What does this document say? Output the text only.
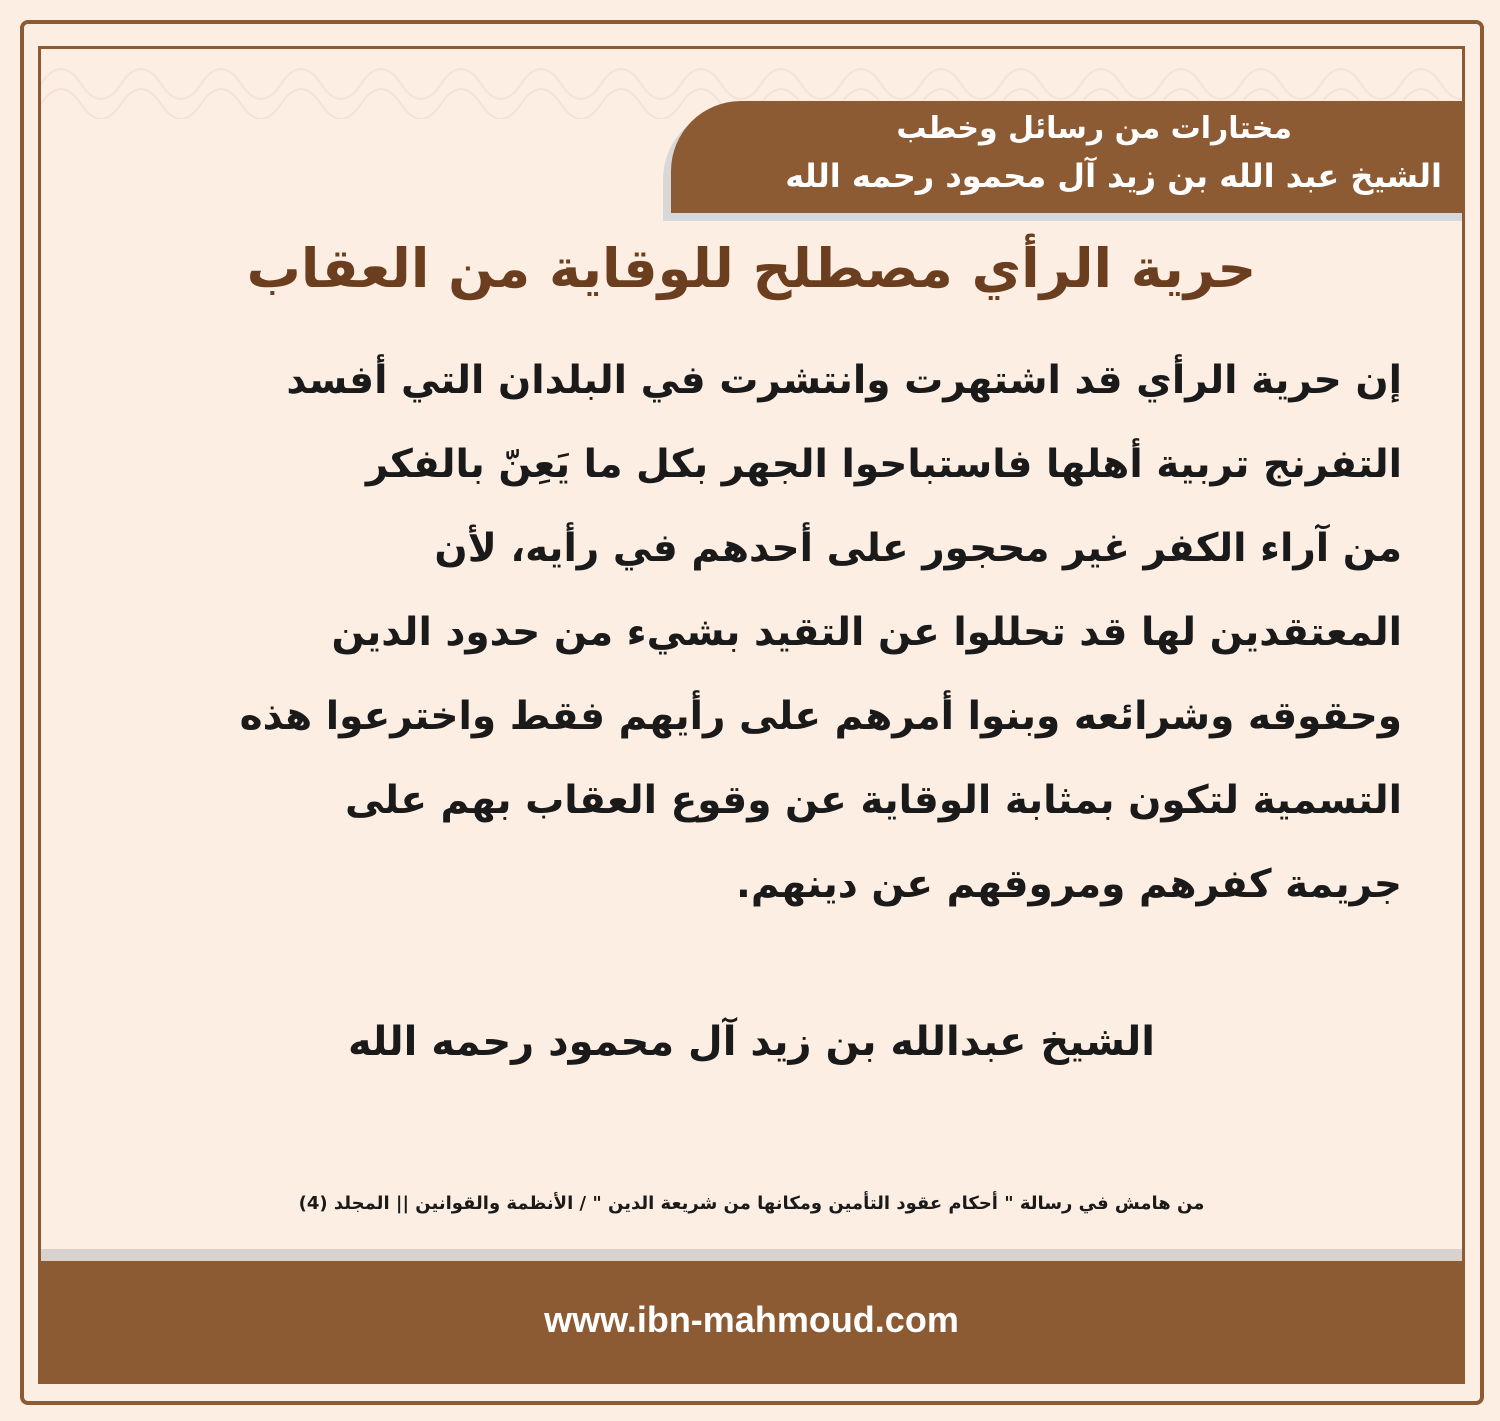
مختارات من رسائل وخطب
الشيخ عبد الله بن زيد آل محمود رحمه الله
حرية الرأي مصطلح للوقاية من العقاب
إن حرية الرأي قد اشتهرت وانتشرت في البلدان التي أفسد
التفرنج تربية أهلها فاستباحوا الجهر بكل ما يَعِنّ بالفكر
من آراء الكفر غير محجور على أحدهم في رأيه، لأن
المعتقدين لها قد تحللوا عن التقيد بشيء من حدود الدين
وحقوقه وشرائعه وبنوا أمرهم على رأيهم فقط واخترعوا هذه
التسمية لتكون بمثابة الوقاية عن وقوع العقاب بهم على
جريمة كفرهم ومروقهم عن دينهم.
الشيخ عبدالله بن زيد آل محمود رحمه الله
من هامش في رسالة " أحكام عقود التأمين ومكانها من شريعة الدين " / الأنظمة والقوانين || المجلد (4)
www.ibn-mahmoud.com
